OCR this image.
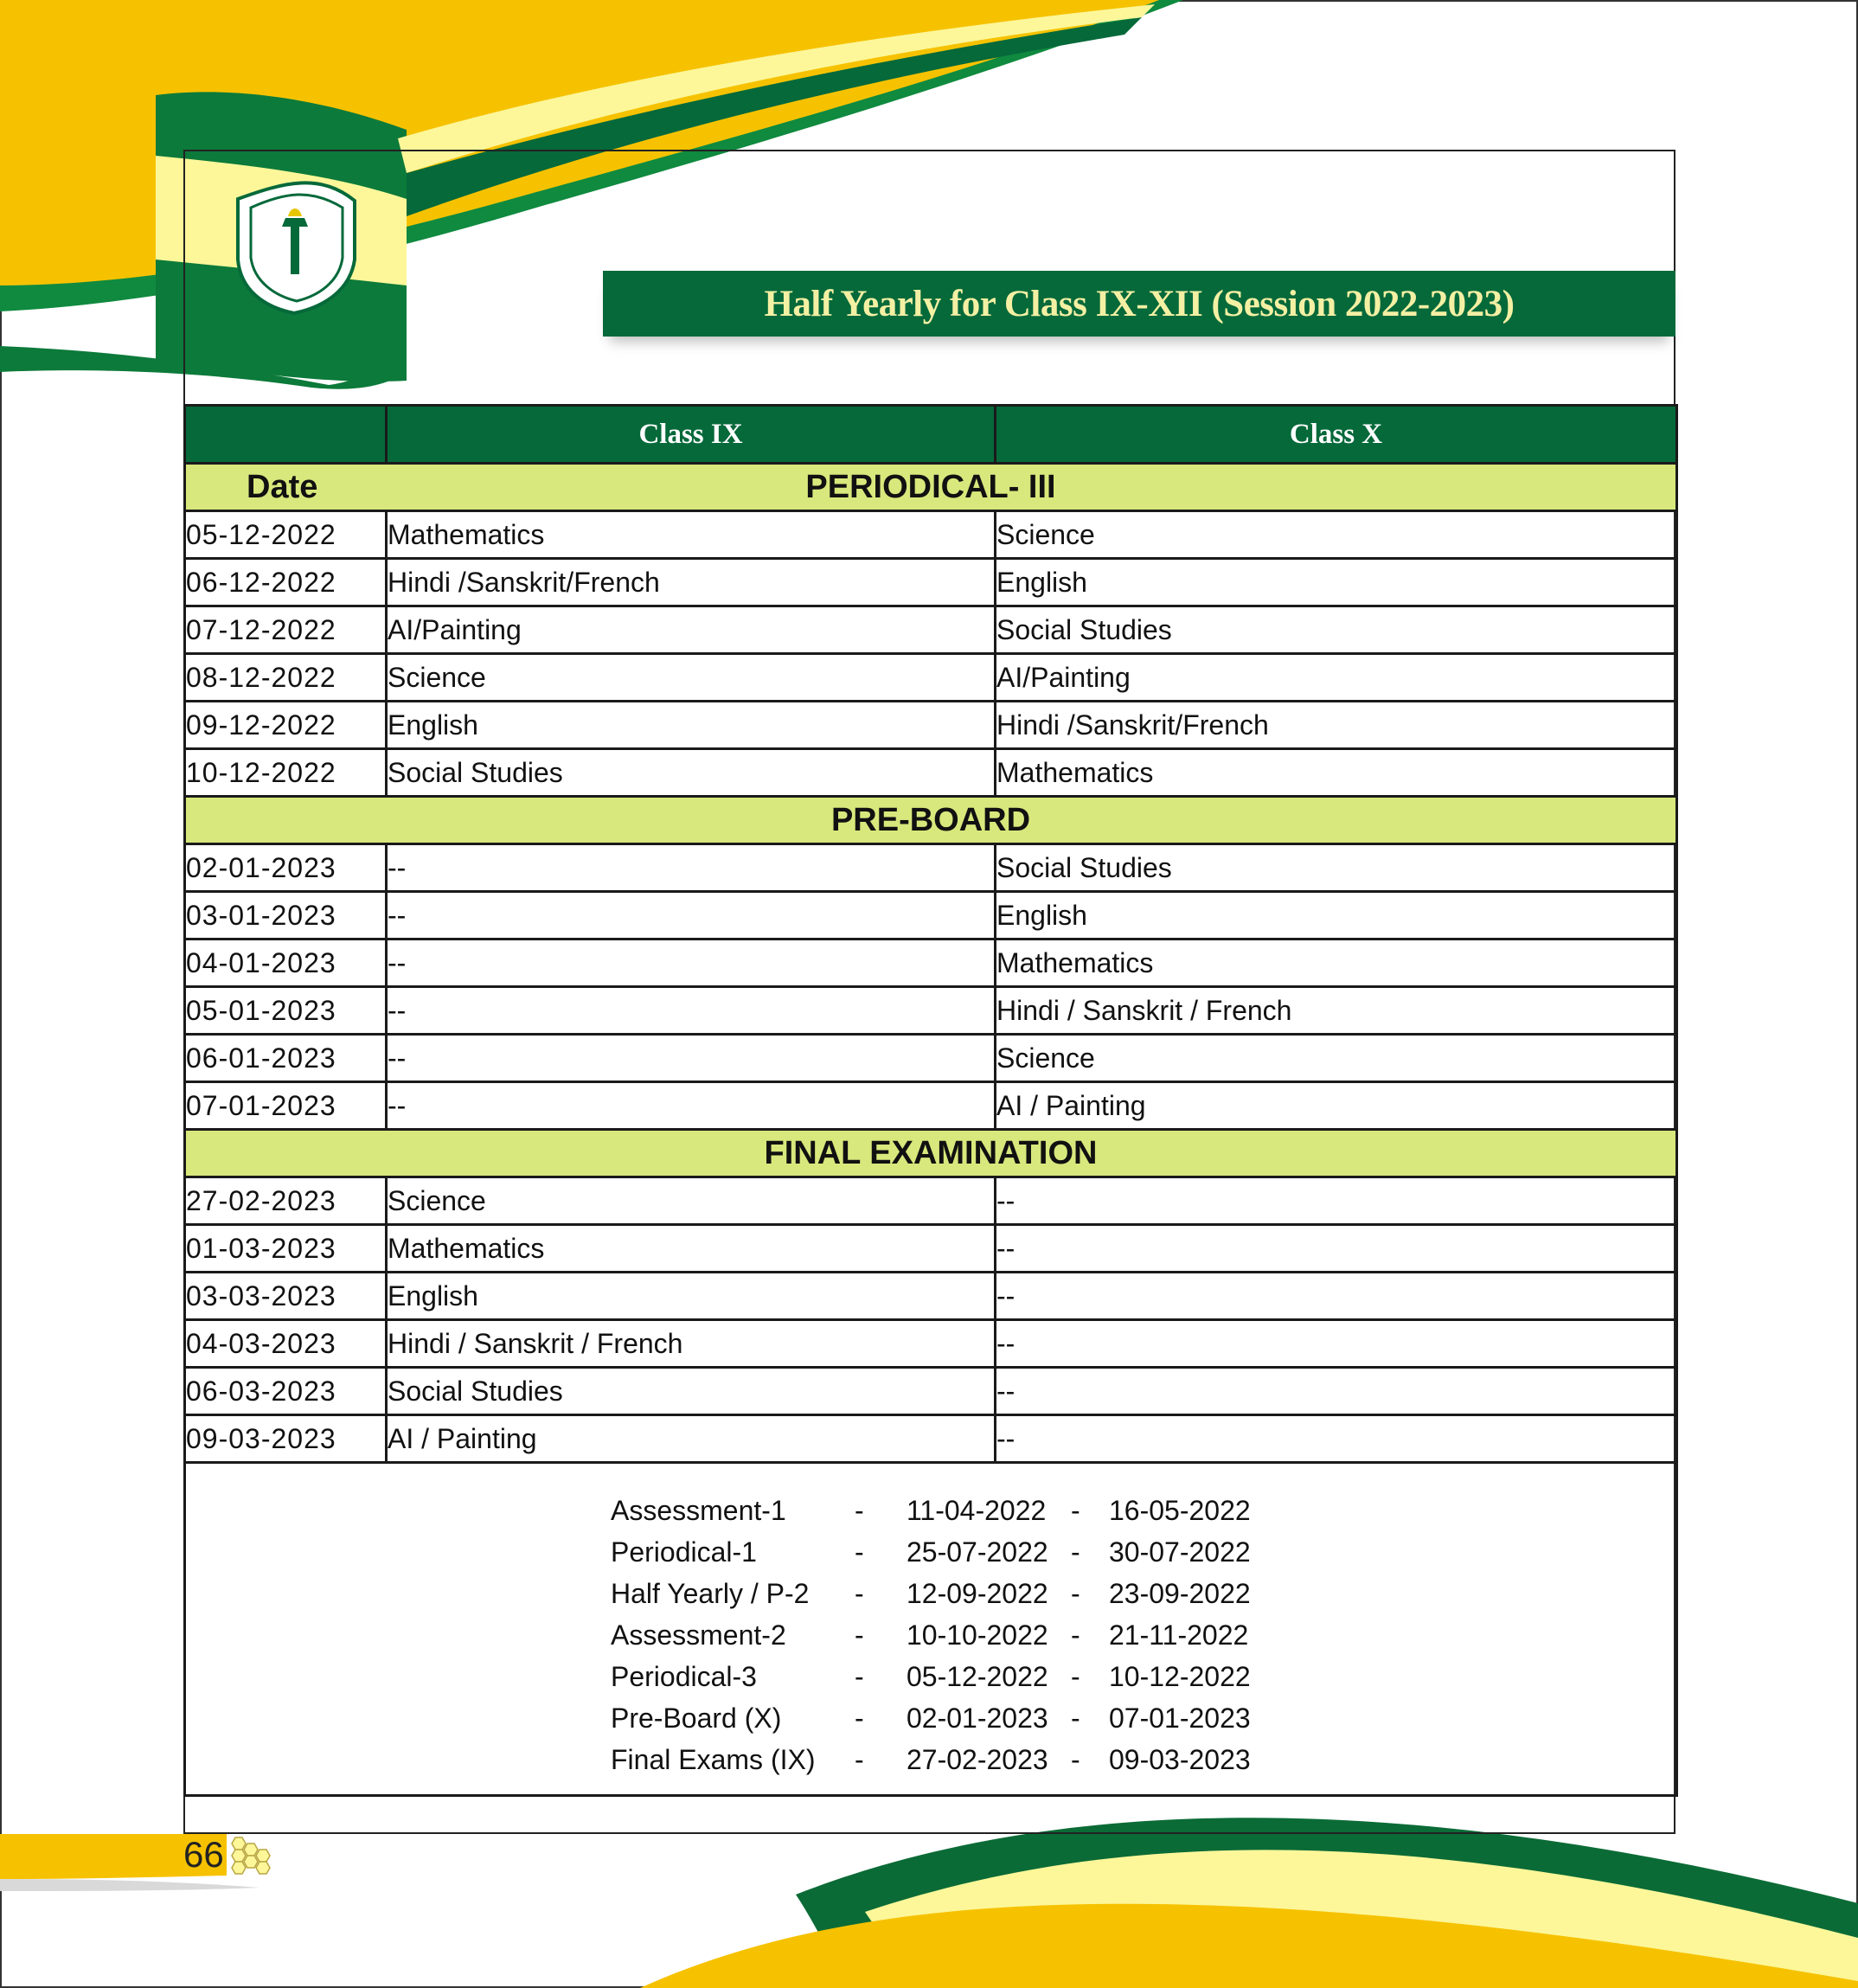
Half Yearly for Class IX-XII (Session 2022-2023)
	Class IX	Class X

Date PERIODICAL- III		

05-12-2022	Mathematics	Science
06-12-2022	Hindi /Sanskrit/French	English
07-12-2022	AI/Painting	Social Studies
08-12-2022	Science	AI/Painting
09-12-2022	English	Hindi /Sanskrit/French
10-12-2022	Social Studies	Mathematics

PRE-BOARD		

02-01-2023	--	Social Studies
03-01-2023	--	English
04-01-2023	--	Mathematics
05-01-2023	--	Hindi / Sanskrit / French
06-01-2023	--	Science
07-01-2023	--	AI / Painting

FINAL EXAMINATION		

27-02-2023	Science	--
01-03-2023	Mathematics	--
03-03-2023	English	--
04-03-2023	Hindi / Sanskrit / French	--
06-03-2023	Social Studies	--
09-03-2023	AI / Painting	--

Assessment-1	-	11-04-2022 -	16-05-2022
Periodical-1	-	25-07-2022 -	30-07-2022
Half Yearly / P-2	-	12-09-2022 -	23-09-2022
Assessment-2	-	10-10-2022 -	21-11-2022
Periodical-3	-	05-12-2022 -	10-12-2022
Pre-Board (X)	-	02-01-2023 -	07-01-2023
Final Exams (IX)	-	27-02-2023 -	09-03-2023
66
